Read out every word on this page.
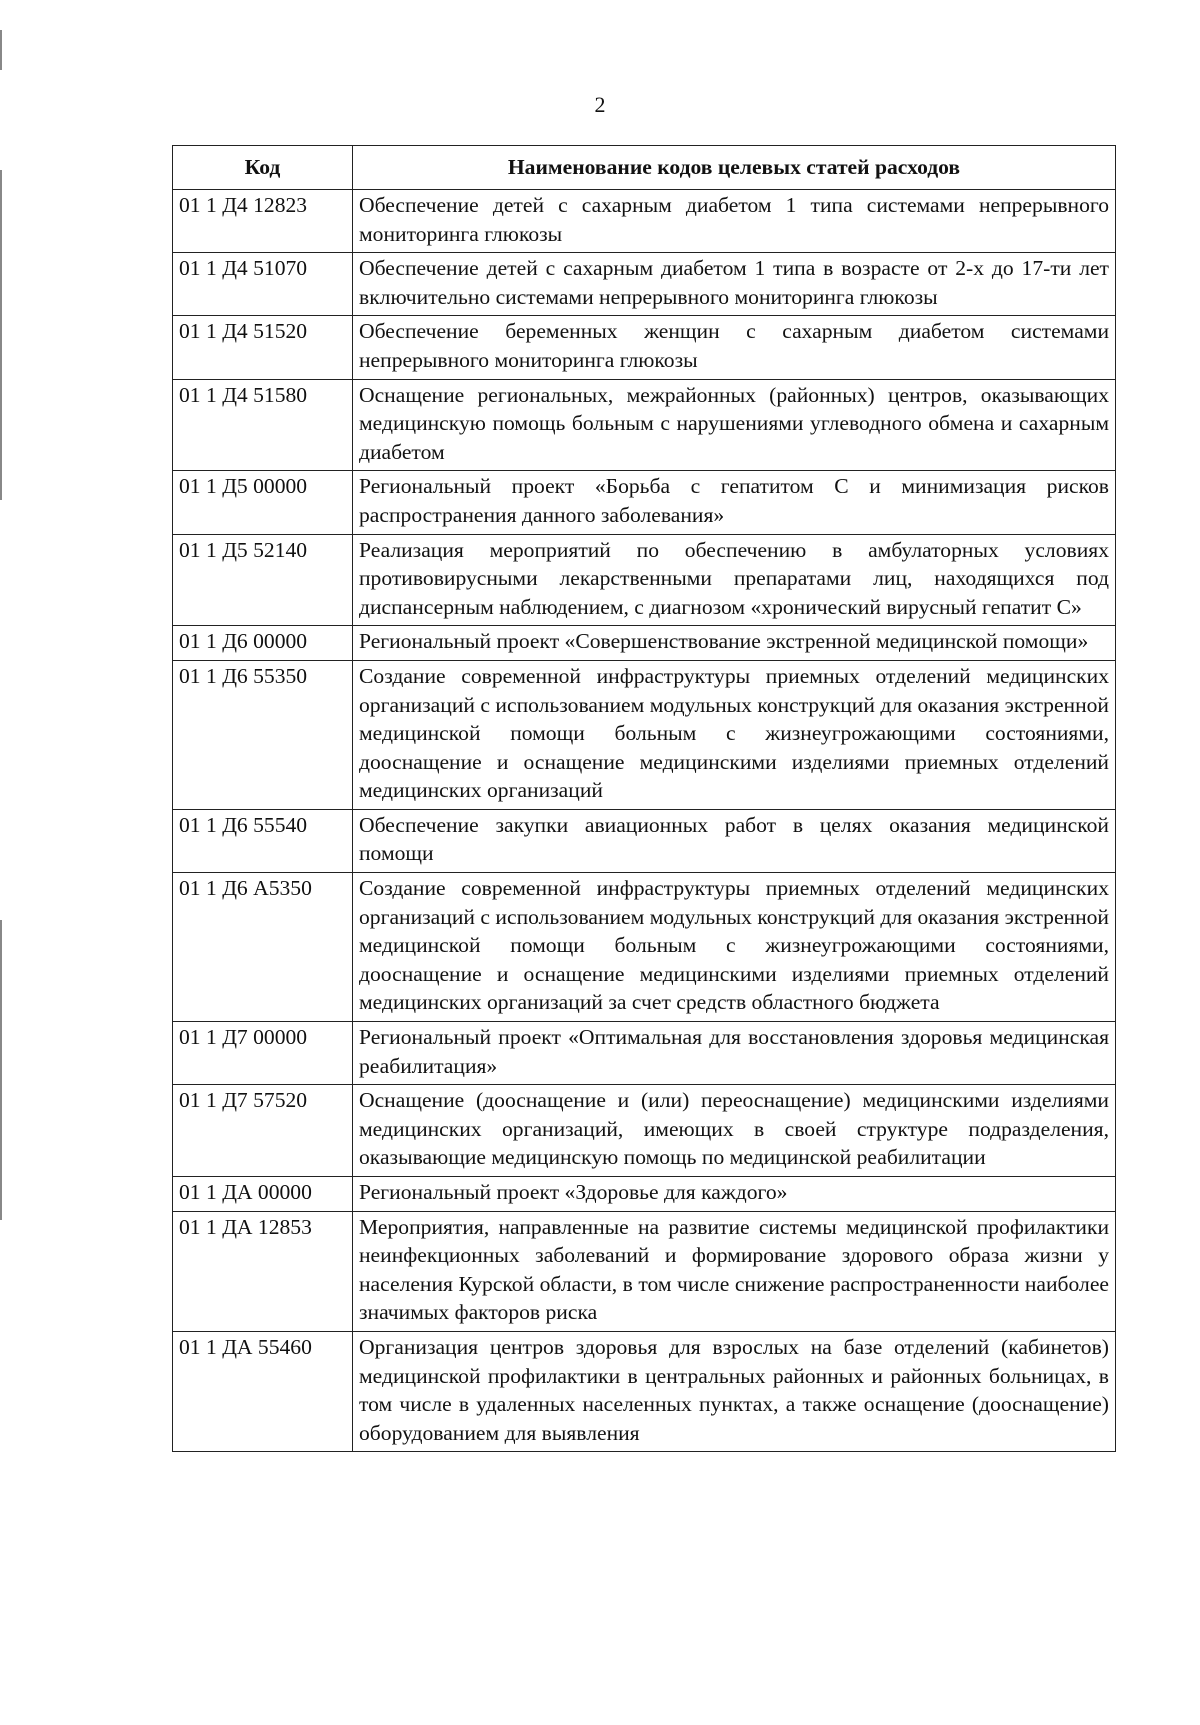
2
Код	Наименование кодов целевых статей расходов
01 1 Д4 12823	Обеспечение детей с сахарным диабетом 1 типа системами непрерывного мониторинга глюкозы
01 1 Д4 51070	Обеспечение детей с сахарным диабетом 1 типа в возрасте от 2-х до 17-ти лет включительно системами непрерывного мониторинга глюкозы
01 1 Д4 51520	Обеспечение беременных женщин с сахарным диабетом системами непрерывного мониторинга глюкозы
01 1 Д4 51580	Оснащение региональных, межрайонных (районных) центров, оказывающих медицинскую помощь больным с нарушениями углеводного обмена и сахарным диабетом
01 1 Д5 00000	Региональный проект «Борьба с гепатитом С и минимизация рисков распространения данного заболевания»
01 1 Д5 52140	Реализация мероприятий по обеспечению в амбулаторных условиях противовирусными лекарственными препаратами лиц, находящихся под диспансерным наблюдением, с диагнозом «хронический вирусный гепатит С»
01 1 Д6 00000	Региональный проект «Совершенствование экстренной медицинской помощи»
01 1 Д6 55350	Создание современной инфраструктуры приемных отделений медицинских организаций с использованием модульных конструкций для оказания экстренной медицинской помощи больным с жизнеугрожающими состояниями, дооснащение и оснащение медицинскими изделиями приемных отделений медицинских организаций
01 1 Д6 55540	Обеспечение закупки авиационных работ в целях оказания медицинской помощи
01 1 Д6 А5350	Создание современной инфраструктуры приемных отделений медицинских организаций с использованием модульных конструкций для оказания экстренной медицинской помощи больным с жизнеугрожающими состояниями, дооснащение и оснащение медицинскими изделиями приемных отделений медицинских организаций за счет средств областного бюджета
01 1 Д7 00000	Региональный проект «Оптимальная для восстановления здоровья медицинская реабилитация»
01 1 Д7 57520	Оснащение (дооснащение и (или) переоснащение) медицинскими изделиями медицинских организаций, имеющих в своей структуре подразделения, оказывающие медицинскую помощь по медицинской реабилитации
01 1 ДА 00000	Региональный проект «Здоровье для каждого»
01 1 ДА 12853	Мероприятия, направленные на развитие системы медицинской профилактики неинфекционных заболеваний и формирование здорового образа жизни у населения Курской области, в том числе снижение распространенности наиболее значимых факторов риска
01 1 ДА 55460	Организация центров здоровья для взрослых на базе отделений (кабинетов) медицинской профилактики в центральных районных и районных больницах, в том числе в удаленных населенных пунктах, а также оснащение (дооснащение) оборудованием для выявления
